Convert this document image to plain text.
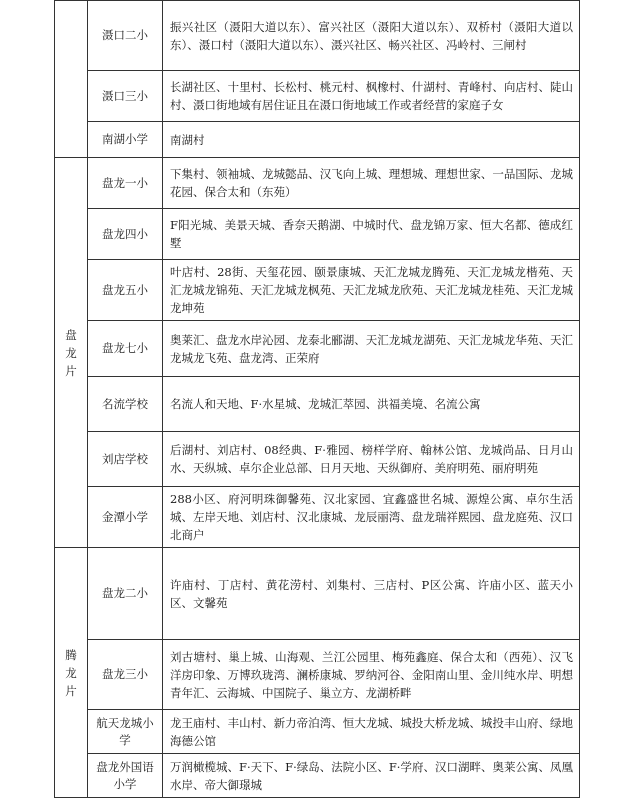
	滠口二小	振兴社区（滠阳大道以东）、富兴社区（滠阳大道以东）、双桥村（滠阳大道以东）、滠口村（滠阳大道以东）、滠兴社区、畅兴社区、冯岭村、三闸村
	滠口三小	长湖社区、十里村、长松村、桃元村、枫橡村、什湖村、青峰村、向店村、陡山村、滠口街地域有居住证且在滠口街地域工作或者经营的家庭子女
	南湖小学	南湖村

盘
龙
片	盘龙一小	下集村、领袖城、龙城懿品、汉飞向上城、理想城、理想世家、一品国际、龙城花园、保合太和（东苑）
	盘龙四小	F阳光城、美景天城、香奈天鹅湖、中城时代、盘龙锦万家、恒大名都、德成红墅
	盘龙五小	叶店村、28街、天玺花园、颐景康城、天汇龙城龙腾苑、天汇龙城龙楷苑、天汇龙城龙锦苑、天汇龙城龙枫苑、天汇龙城龙欣苑、天汇龙城龙桂苑、天汇龙城龙坤苑
	盘龙七小	奥莱汇、盘龙水岸沁园、龙泰北郦湖、天汇龙城龙湖苑、天汇龙城龙华苑、天汇龙城龙飞苑、盘龙湾、正荣府
	名流学校	名流人和天地、F·水星城、龙城汇萃园、洪福美境、名流公寓
	刘店学校	后湖村、刘店村、08经典、F·雅园、榜样学府、翰林公馆、龙城尚品、日月山水、天纵城、卓尔企业总部、日月天地、天纵御府、美府明苑、丽府明苑
	金潭小学	288小区、府河明珠御馨苑、汉北家园、宜鑫盛世名城、源煌公寓、卓尔生活城、左岸天地、刘店村、汉北康城、龙辰丽湾、盘龙瑞祥熙园、盘龙庭苑、汉口北商户

腾
龙
片	盘龙二小	许庙村、丁店村、黄花涝村、刘集村、三店村、P区公寓、许庙小区、蓝天小区、文馨苑
	盘龙三小	刘古塘村、巢上城、山海观、兰江公园里、梅苑鑫庭、保合太和（西苑）、汉飞洋房印象、万博玖珑湾、澜桥康城、罗纳河谷、金阳南山里、金川纯水岸、明想青年汇、云海城、中国院子、巢立方、龙湖桥畔
	航天龙城小学	龙王庙村、丰山村、新力帝泊湾、恒大龙城、城投大桥龙城、城投丰山府、绿地海德公馆
	盘龙外国语小学	万润橄榄城、F·天下、F·绿岛、法院小区、F·学府、汉口湖畔、奥莱公寓、凤凰水岸、帝大御璟城
